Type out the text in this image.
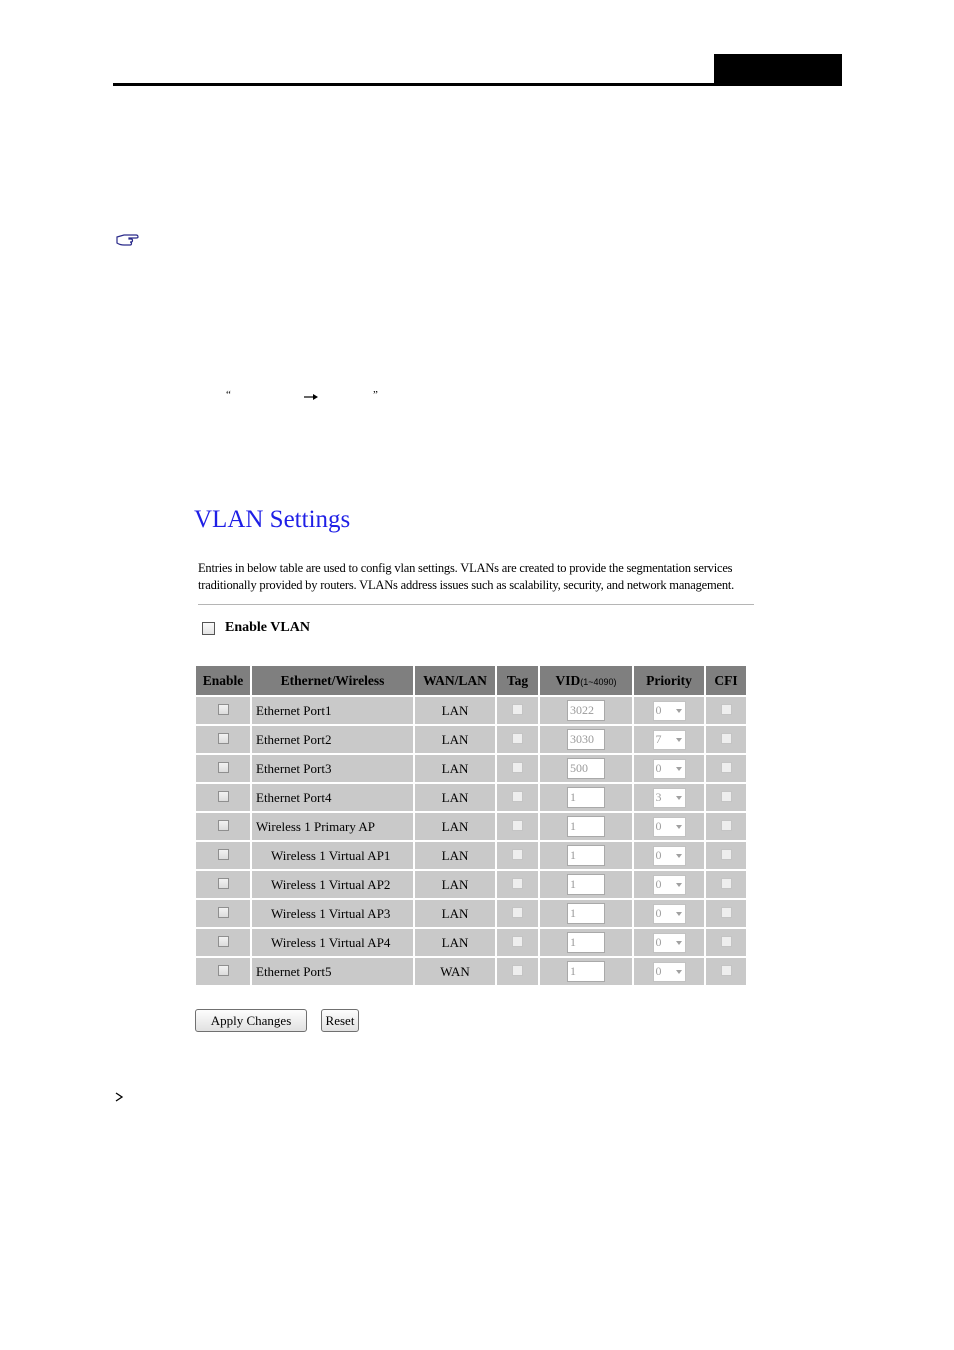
“	”
VLAN Settings

Entries in below table are used to config vlan settings. VLANs are created to provide the segmentation services
traditionally provided by routers. VLANs address issues such as scalability, security, and network management.

Enable VLAN
Enable	Ethernet/Wireless	WAN/LAN	Tag	VID(1~4090)	Priority	CFI
	Ethernet Port1	LAN		3022	0	

	Ethernet Port2	LAN		3030	7	

	Ethernet Port3	LAN		500	0	

	Ethernet Port4	LAN		1	3	

	Wireless 1 Primary AP	LAN		1	0	

	Wireless 1 Virtual AP1	LAN		1	0	

	Wireless 1 Virtual AP2	LAN		1	0	

	Wireless 1 Virtual AP3	LAN		1	0	

	Wireless 1 Virtual AP4	LAN		1	0	

	Ethernet Port5	WAN		1	0	

Apply Changes	Reset
